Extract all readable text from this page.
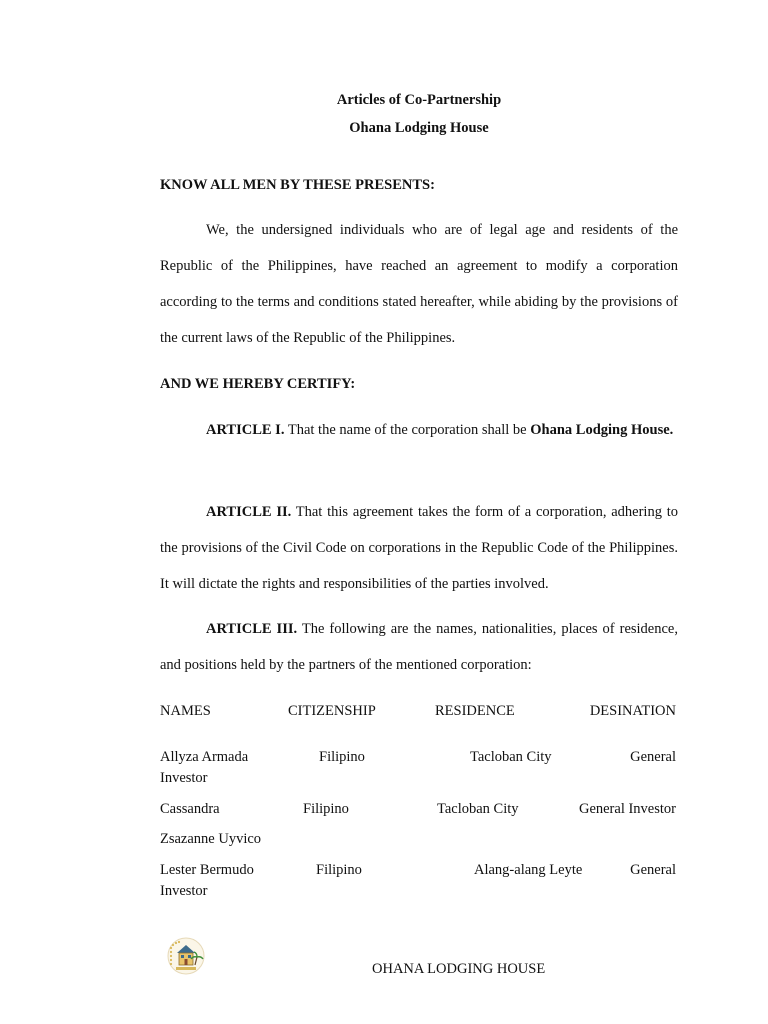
Articles of Co-Partnership
Ohana Lodging House
KNOW ALL MEN BY THESE PRESENTS:

We, the undersigned individuals who are of legal age and residents of the Republic of the Philippines, have reached an agreement to modify a corporation according to the terms and conditions stated hereafter, while abiding by the provisions of the current laws of the Republic of the Philippines.

AND WE HEREBY CERTIFY:

ARTICLE I. That the name of the corporation shall be Ohana Lodging House.

ARTICLE II. That this agreement takes the form of a corporation, adhering to the provisions of the Civil Code on corporations in the Republic Code of the Philippines. It will dictate the rights and responsibilities of the parties involved.

ARTICLE III. The following are the names, nationalities, places of residence, and positions held by the partners of the mentioned corporation:

NAMES	CITIZENSHIP	RESIDENCE	DESINATION
Allyza Armada	Filipino	Tacloban City	General
Investor
Cassandra	Filipino	Tacloban City	General Investor
Zsazanne Uyvico
Lester Bermudo	Filipino	Alang-alang Leyte	General
Investor
OHANA LODGING HOUSE
